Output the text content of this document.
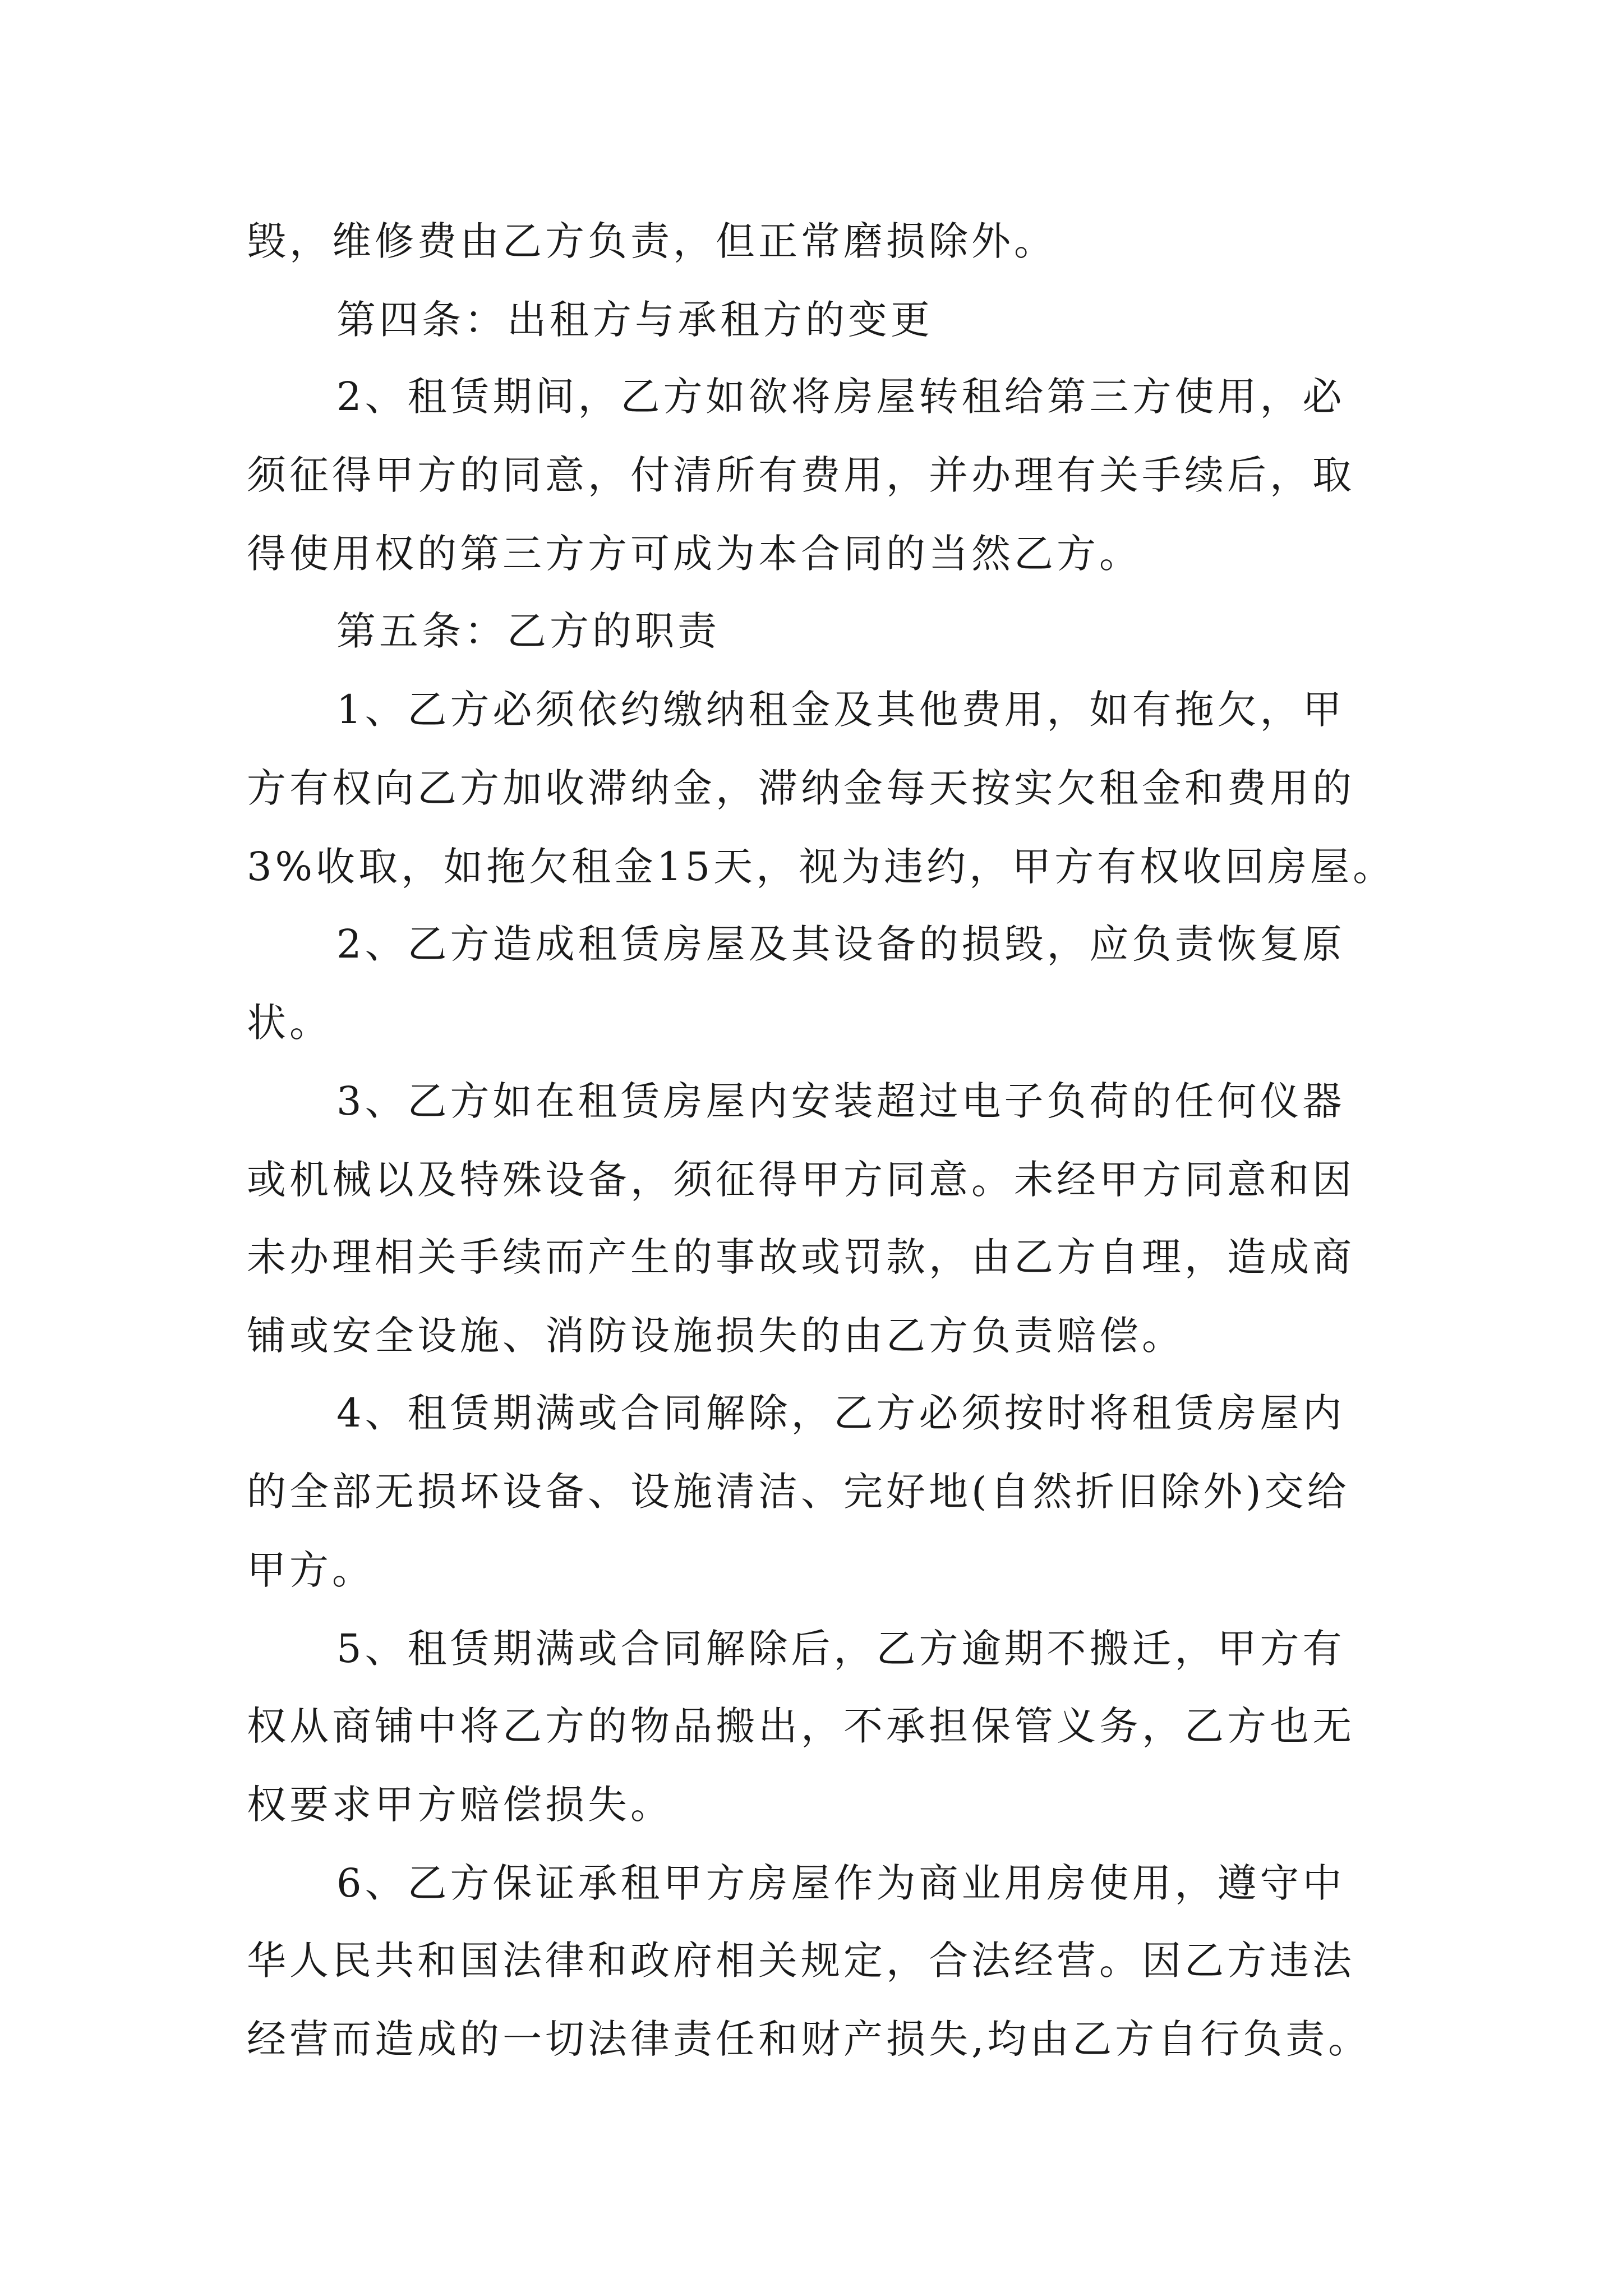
毁，维修费由乙方负责，但正常磨损除外。
第四条：出租方与承租方的变更
2、租赁期间，乙方如欲将房屋转租给第三方使用，必
须征得甲方的同意，付清所有费用，并办理有关手续后，取
得使用权的第三方方可成为本合同的当然乙方。
第五条：乙方的职责
1、乙方必须依约缴纳租金及其他费用，如有拖欠，甲
方有权向乙方加收滞纳金，滞纳金每天按实欠租金和费用的
3%收取，如拖欠租金15天，视为违约，甲方有权收回房屋。
2、乙方造成租赁房屋及其设备的损毁，应负责恢复原
状。
3、乙方如在租赁房屋内安装超过电子负荷的任何仪器
或机械以及特殊设备，须征得甲方同意。未经甲方同意和因
未办理相关手续而产生的事故或罚款，由乙方自理，造成商
铺或安全设施、消防设施损失的由乙方负责赔偿。
4、租赁期满或合同解除，乙方必须按时将租赁房屋内
的全部无损坏设备、设施清洁、完好地(自然折旧除外)交给
甲方。
5、租赁期满或合同解除后，乙方逾期不搬迁，甲方有
权从商铺中将乙方的物品搬出，不承担保管义务，乙方也无
权要求甲方赔偿损失。
6、乙方保证承租甲方房屋作为商业用房使用，遵守中
华人民共和国法律和政府相关规定，合法经营。因乙方违法
经营而造成的一切法律责任和财产损失,均由乙方自行负责。
